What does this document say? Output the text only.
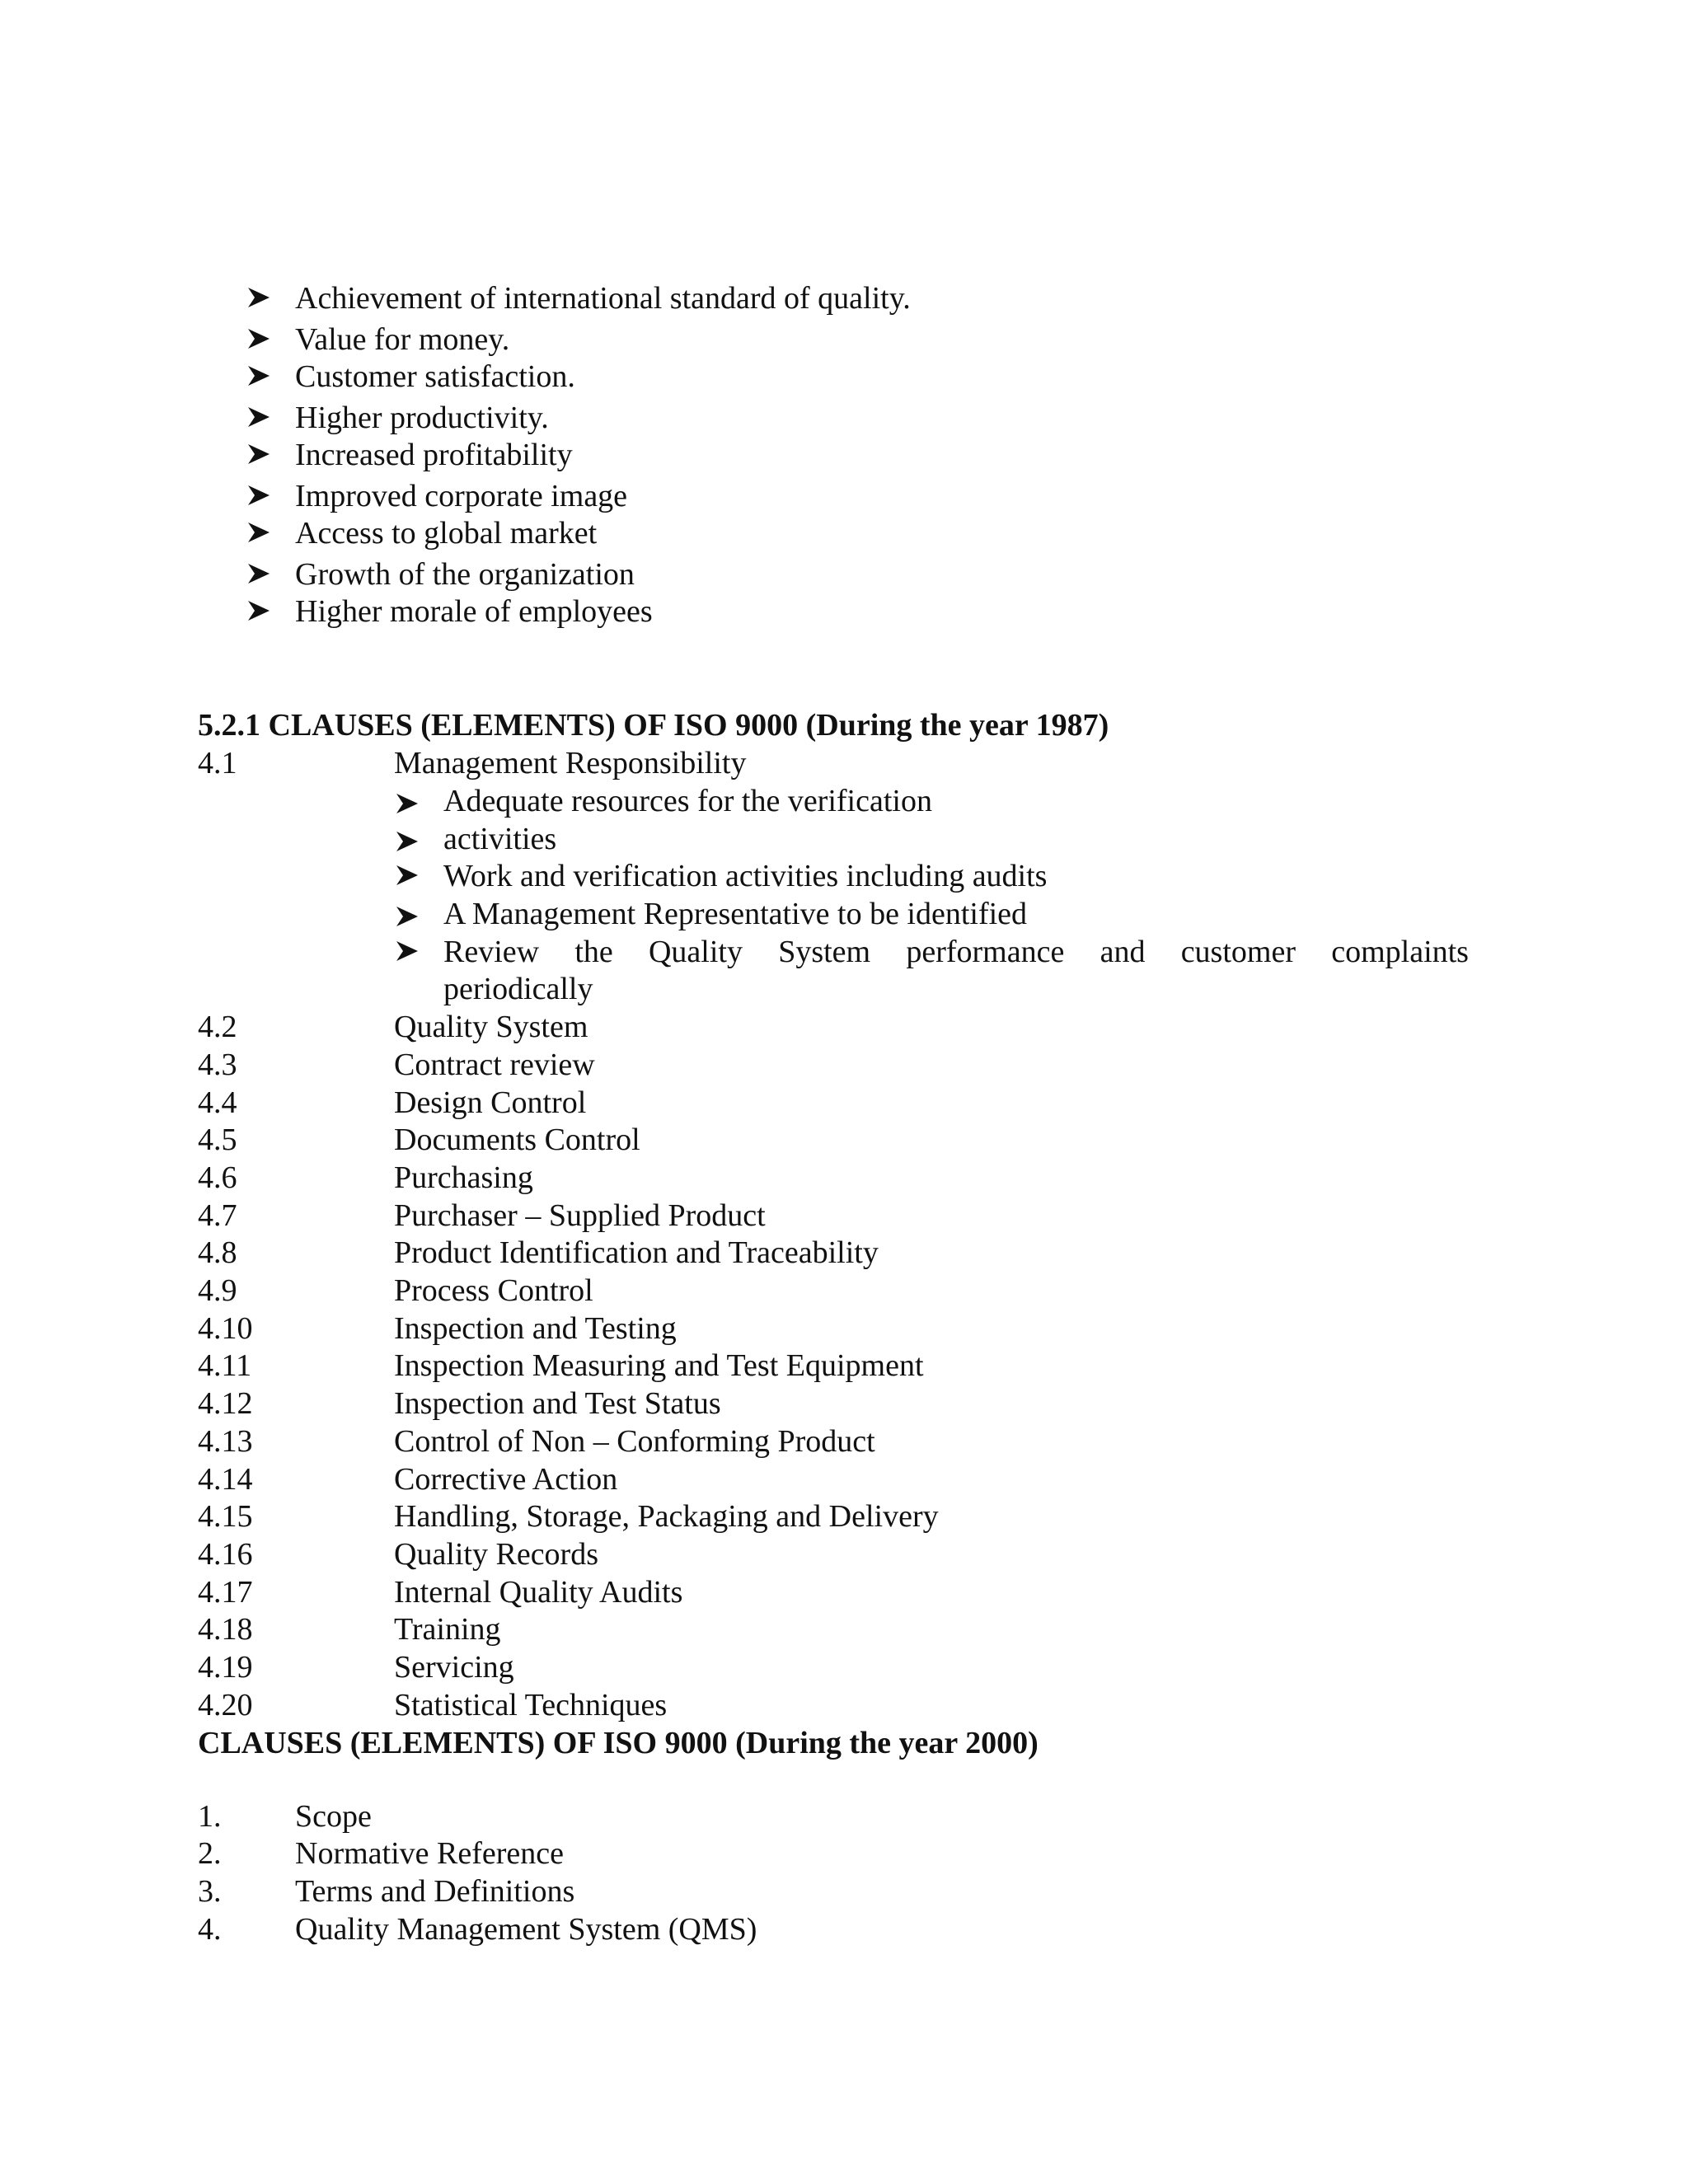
Achievement of international standard of quality.
Value for money.
Customer satisfaction.
Higher productivity.
Increased profitability
Improved corporate image
Access to global market
Growth of the organization
Higher morale of employees
5.2.1 CLAUSES (ELEMENTS) OF ISO 9000 (During the year 1987)
4.1	Management Responsibility
Adequate resources for the verification
activities
Work and verification activities including audits
A Management Representative to be identified
Review the Quality System performance and customer complaints
periodically
4.2	Quality System
4.3	Contract review
4.4	Design Control
4.5	Documents Control
4.6	Purchasing
4.7	Purchaser – Supplied Product
4.8	Product Identification and Traceability
4.9	Process Control
4.10	Inspection and Testing
4.11	Inspection Measuring and Test Equipment
4.12	Inspection and Test Status
4.13	Control of Non – Conforming Product
4.14	Corrective Action
4.15	Handling, Storage, Packaging and Delivery
4.16	Quality Records
4.17	Internal Quality Audits
4.18	Training
4.19	Servicing
4.20	Statistical Techniques
CLAUSES (ELEMENTS) OF ISO 9000 (During the year 2000)
1. Scope
2. Normative Reference
3. Terms and Definitions
4. Quality Management System (QMS)
